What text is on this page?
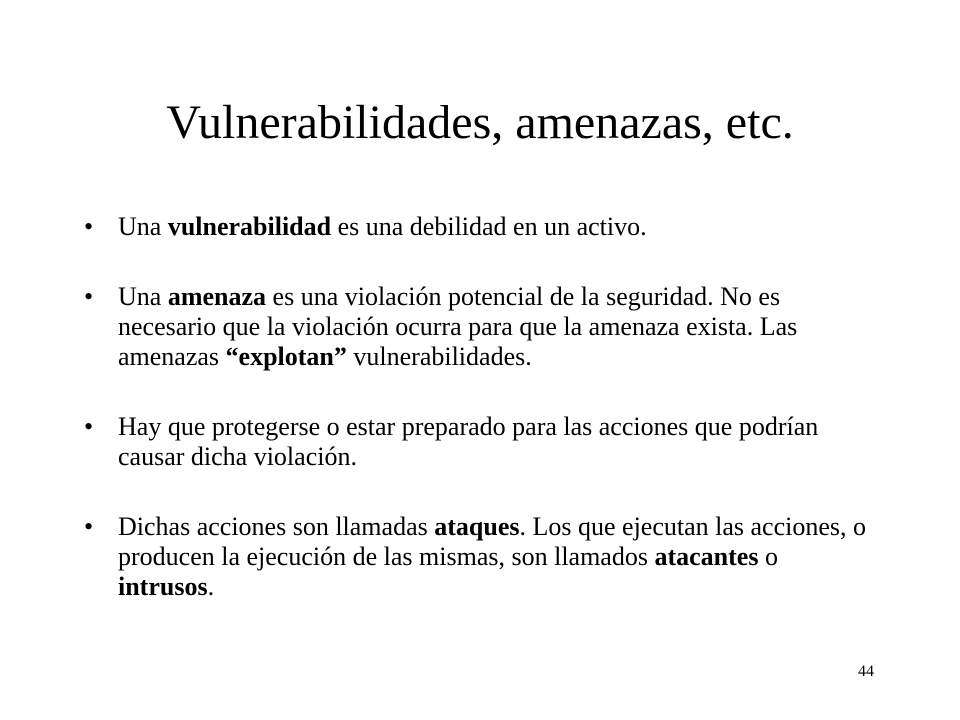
Vulnerabilidades, amenazas, etc.
• Una vulnerabilidad es una debilidad en un activo.
• Una amenaza es una violación potencial de la seguridad. No es necesario que la violación ocurra para que la amenaza exista. Las amenazas “explotan” vulnerabilidades.
• Hay que protegerse o estar preparado para las acciones que podrían causar dicha violación.
• Dichas acciones son llamadas ataques. Los que ejecutan las acciones, o producen la ejecución de las mismas, son llamados atacantes o intrusos.
44
